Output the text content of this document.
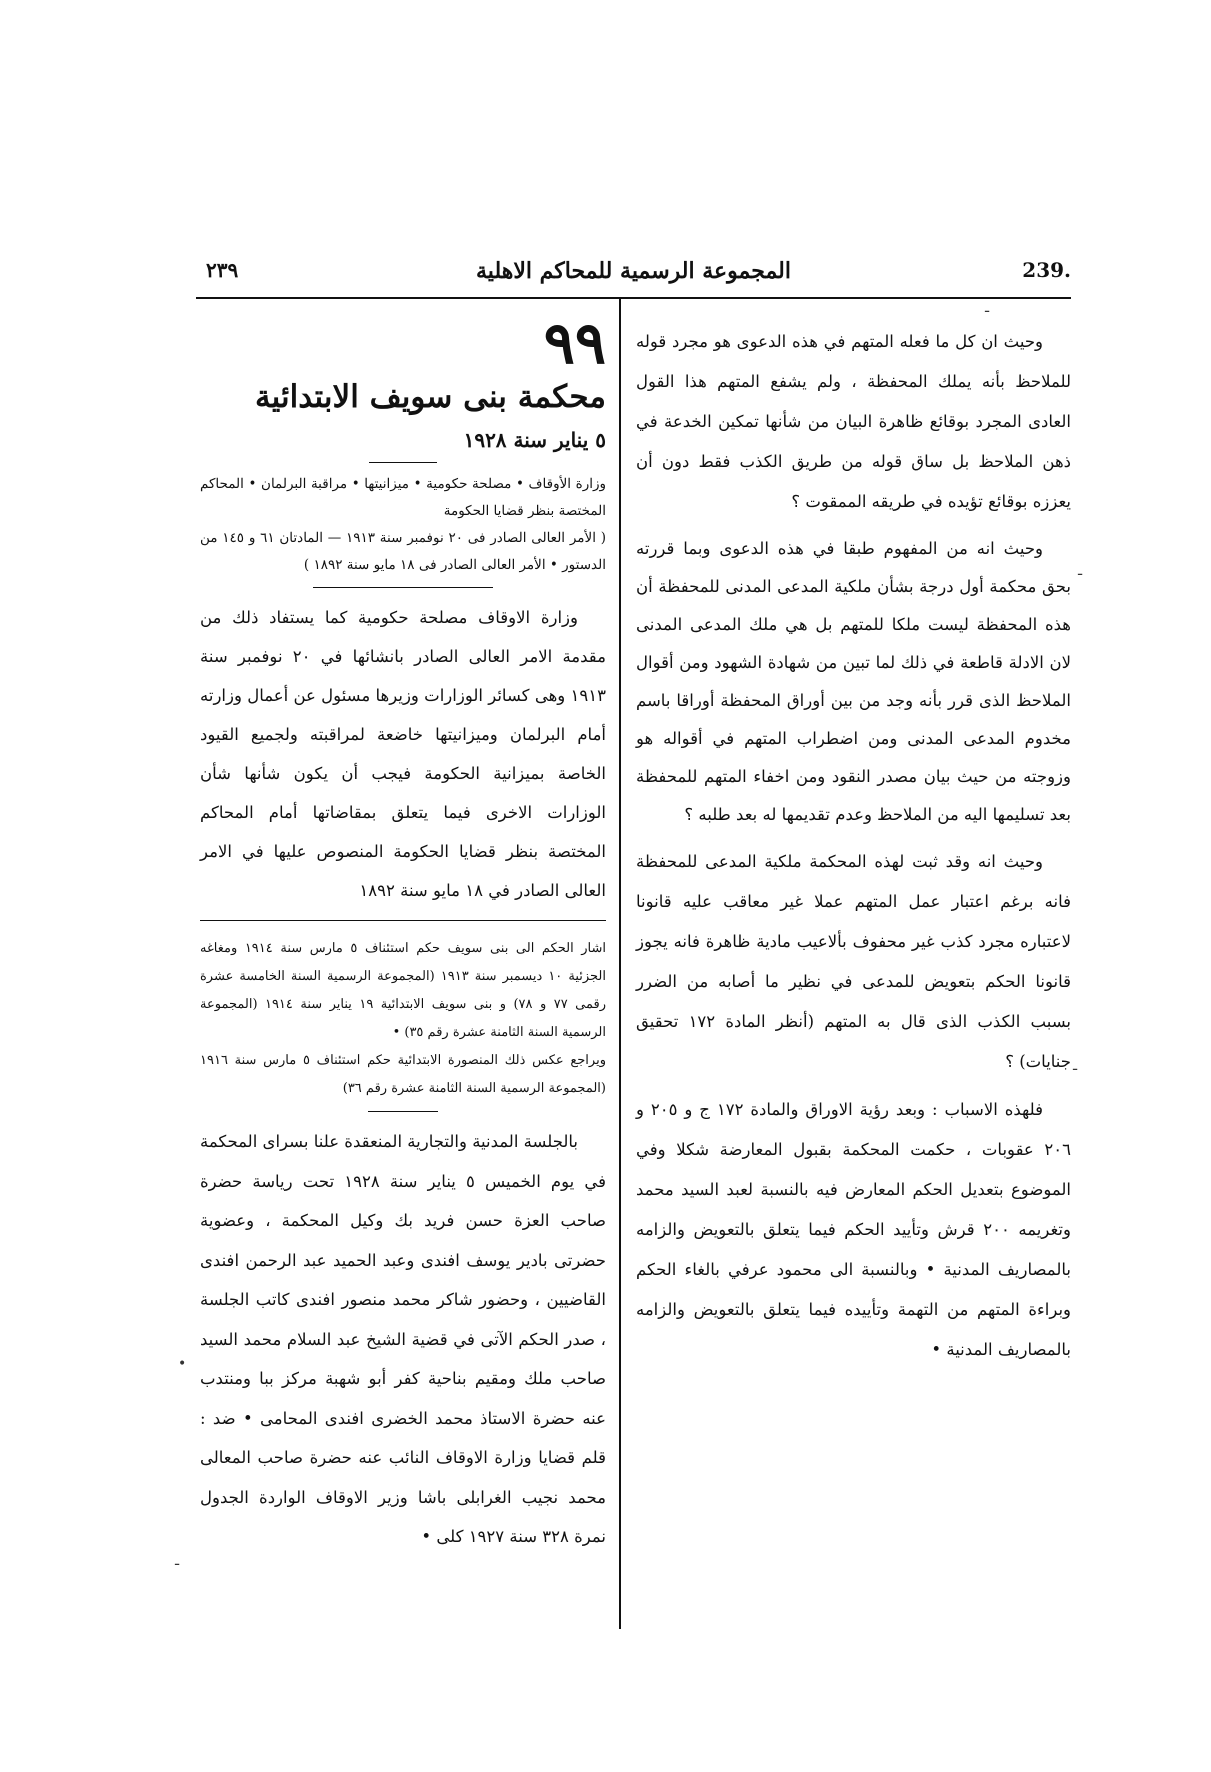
239.
المجموعة الرسمية للمحاكم الاهلية
٢٣٩
ـ
ـ
ـ
•
ـ

وحيث ان كل ما فعله المتهم في هذه الدعوى هو مجرد قوله للملاحظ بأنه يملك المحفظة ، ولم يشفع المتهم هذا القول العادى المجرد بوقائع ظاهرة البيان من شأنها تمكين الخدعة في ذهن الملاحظ بل ساق قوله من طريق الكذب فقط دون أن يعززه بوقائع تؤيده في طريقه الممقوت ؟

وحيث انه من المفهوم طبقا في هذه الدعوى وبما قررته بحق محكمة أول درجة بشأن ملكية المدعى المدنى للمحفظة أن هذه المحفظة ليست ملكا للمتهم بل هي ملك المدعى المدنى لان الادلة قاطعة في ذلك لما تبين من شهادة الشهود ومن أقوال الملاحظ الذى قرر بأنه وجد من بين أوراق المحفظة أوراقا باسم مخدوم المدعى المدنى ومن اضطراب المتهم في أقواله هو وزوجته من حيث بيان مصدر النقود ومن اخفاء المتهم للمحفظة بعد تسليمها اليه من الملاحظ وعدم تقديمها له بعد طلبه ؟

وحيث انه وقد ثبت لهذه المحكمة ملكية المدعى للمحفظة فانه برغم اعتبار عمل المتهم عملا غير معاقب عليه قانونا لاعتباره مجرد كذب غير محفوف بألاعيب مادية ظاهرة فانه يجوز قانونا الحكم بتعويض للمدعى في نظير ما أصابه من الضرر بسبب الكذب الذى قال به المتهم (أنظر المادة ١٧٢ تحقيق جنايات) ؟

فلهذه الاسباب : وبعد رؤية الاوراق والمادة ١٧٢ ج و ٢٠٥ و ٢٠٦ عقوبات ، حكمت المحكمة بقبول المعارضة شكلا وفي الموضوع بتعديل الحكم المعارض فيه بالنسبة لعبد السيد محمد وتغريمه ٢٠٠ قرش وتأييد الحكم فيما يتعلق بالتعويض والزامه بالمصاريف المدنية • وبالنسبة الى محمود عرفي بالغاء الحكم وبراءة المتهم من التهمة وتأييده فيما يتعلق بالتعويض والزامه بالمصاريف المدنية •

٩٩
محكمة بنى سويف الابتدائية
٥ يناير سنة ١٩٢٨

وزارة الأوقاف • مصلحة حكومية • ميزانيتها • مراقبة البرلمان • المحاكم المختصة بنظر قضايا الحكومة

( الأمر العالى الصادر فى ٢٠ نوفمبر سنة ١٩١٣ — المادتان ٦١ و ١٤٥ من الدستور • الأمر العالى الصادر فى ١٨ مايو سنة ١٨٩٢ )

وزارة الاوقاف مصلحة حكومية كما يستفاد ذلك من مقدمة الامر العالى الصادر بانشائها في ٢٠ نوفمبر سنة ١٩١٣ وهى كسائر الوزارات وزيرها مسئول عن أعمال وزارته أمام البرلمان وميزانيتها خاضعة لمراقبته ولجميع القيود الخاصة بميزانية الحكومة فيجب أن يكون شأنها شأن الوزارات الاخرى فيما يتعلق بمقاضاتها أمام المحاكم المختصة بنظر قضايا الحكومة المنصوص عليها في الامر العالى الصادر في ١٨ مايو سنة ١٨٩٢

اشار الحكم الى بنى سويف حكم استئناف ٥ مارس سنة ١٩١٤ ومغاغه الجزئية ١٠ ديسمبر سنة ١٩١٣ (المجموعة الرسمية السنة الخامسة عشرة رقمى ٧٧ و ٧٨) و بنى سويف الابتدائية ١٩ يناير سنة ١٩١٤ (المجموعة الرسمية السنة الثامنة عشرة رقم ٣٥) •

ويراجع عكس ذلك المنصورة الابتدائية حكم استئناف ٥ مارس سنة ١٩١٦ (المجموعة الرسمية السنة الثامنة عشرة رقم ٣٦)

بالجلسة المدنية والتجارية المنعقدة علنا بسراى المحكمة في يوم الخميس ٥ يناير سنة ١٩٢٨ تحت رياسة حضرة صاحب العزة حسن فريد بك وكيل المحكمة ، وعضوية حضرتى بادير يوسف افندى وعبد الحميد عبد الرحمن افندى القاضيين ، وحضور شاكر محمد منصور افندى كاتب الجلسة ، صدر الحكم الآتى في قضية الشيخ عبد السلام محمد السيد صاحب ملك ومقيم بناحية كفر أبو شهبة مركز ببا ومنتدب عنه حضرة الاستاذ محمد الخضرى افندى المحامى • ضد : قلم قضايا وزارة الاوقاف النائب عنه حضرة صاحب المعالى محمد نجيب الغرابلى باشا وزير الاوقاف الواردة الجدول نمرة ٣٢٨ سنة ١٩٢٧ كلى •
